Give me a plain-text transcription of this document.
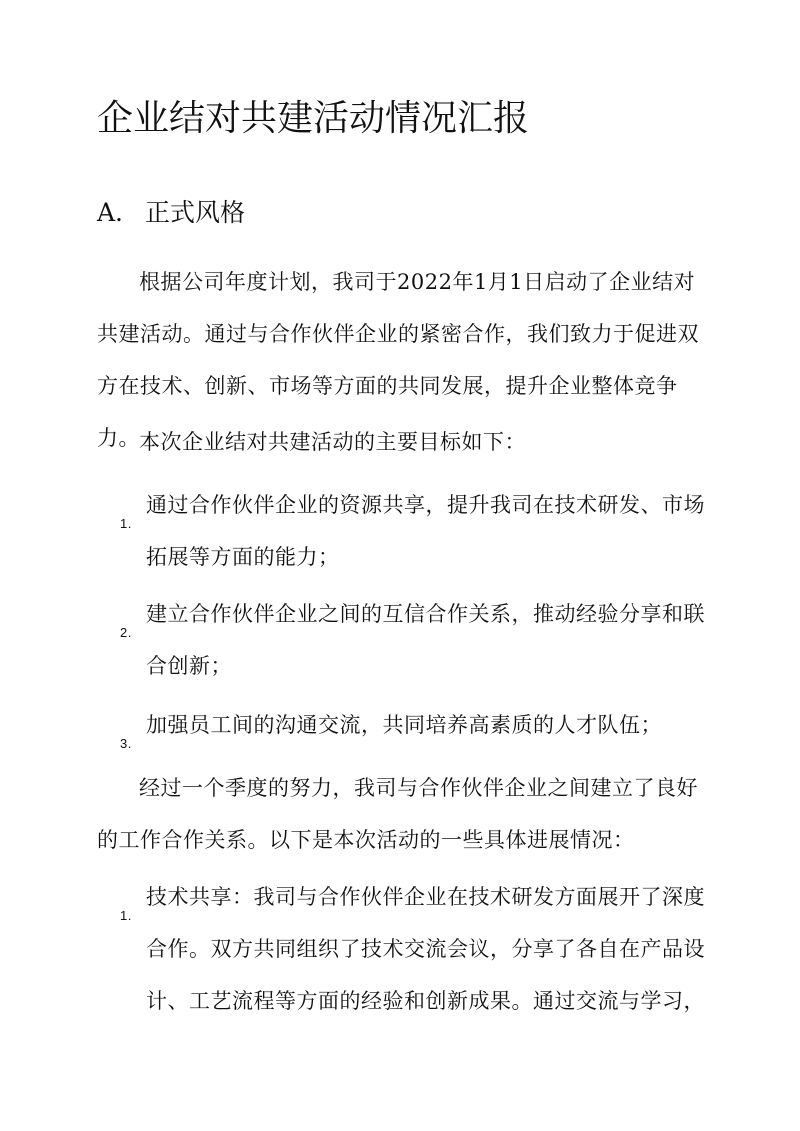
企业结对共建活动情况汇报
A. 正式风格

根据公司年度计划，我司于2022年1月1日启动了企业结对共建活动。通过与合作伙伴企业的紧密合作，我们致力于促进双方在技术、创新、市场等方面的共同发展，提升企业整体竞争力。 本次企业结对共建活动的主要目标如下：

1.
通过合作伙伴企业的资源共享，提升我司在技术研发、市场拓展等方面的能力；
2.
建立合作伙伴企业之间的互信合作关系，推动经验分享和联合创新；
3.
加强员工间的沟通交流，共同培养高素质的人才队伍；

经过一个季度的努力，我司与合作伙伴企业之间建立了良好的工作合作关系。以下是本次活动的一些具体进展情况：

1.
技术共享：我司与合作伙伴企业在技术研发方面展开了深度合作。双方共同组织了技术交流会议，分享了各自在产品设计、工艺流程等方面的经验和创新成果。通过交流与学习，
